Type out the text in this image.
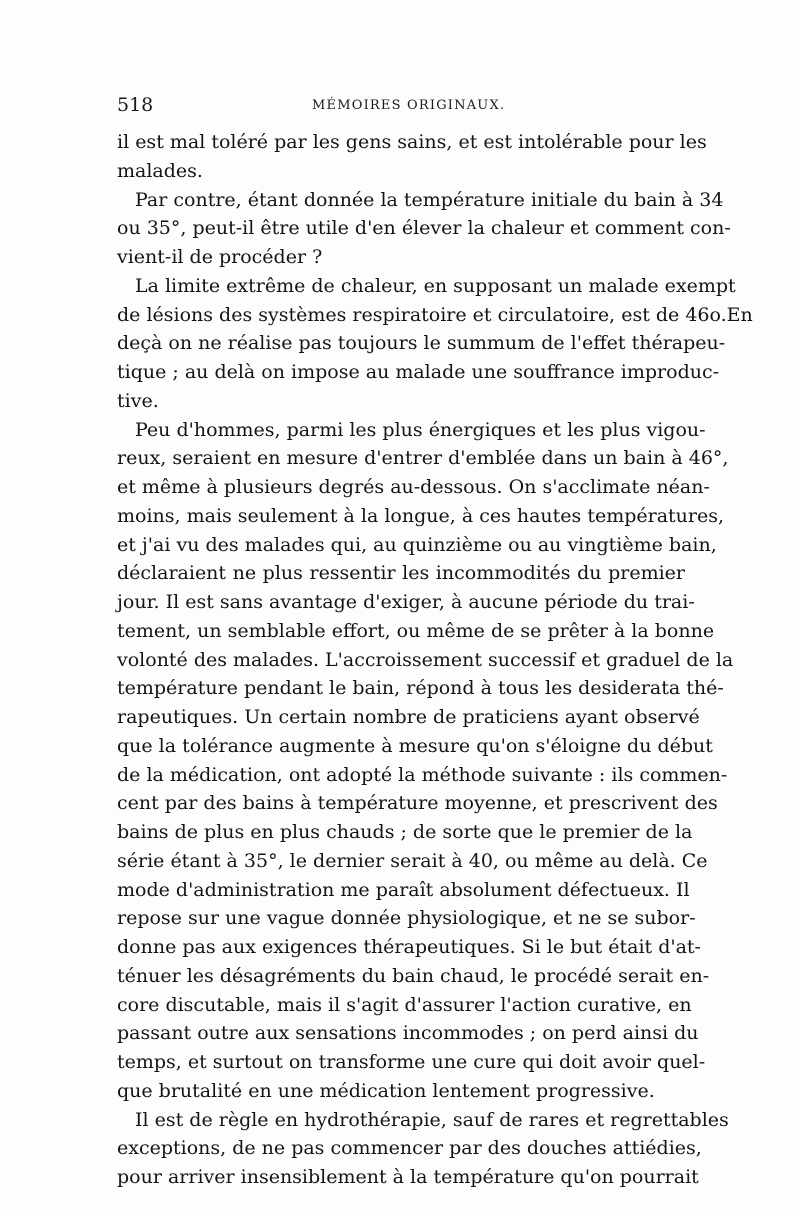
518	MÉMOIRES ORIGINAUX.
il est mal toléré par les gens sains, et est intolérable pour les
malades.
Par contre, étant donnée la température initiale du bain à 34
ou 35°, peut-il être utile d'en élever la chaleur et comment con-
vient-il de procéder ?
La limite extrême de chaleur, en supposant un malade exempt
de lésions des systèmes respiratoire et circulatoire, est de 46o.En
deçà on ne réalise pas toujours le summum de l'effet thérapeu-
tique ; au delà on impose au malade une souffrance improduc-
tive.
Peu d'hommes, parmi les plus énergiques et les plus vigou-
reux, seraient en mesure d'entrer d'emblée dans un bain à 46°,
et même à plusieurs degrés au-dessous. On s'acclimate néan-
moins, mais seulement à la longue, à ces hautes températures,
et j'ai vu des malades qui, au quinzième ou au vingtième bain,
déclaraient ne plus ressentir les incommodités du premier
jour. Il est sans avantage d'exiger, à aucune période du trai-
tement, un semblable effort, ou même de se prêter à la bonne
volonté des malades. L'accroissement successif et graduel de la
température pendant le bain, répond à tous les desiderata thé-
rapeutiques. Un certain nombre de praticiens ayant observé
que la tolérance augmente à mesure qu'on s'éloigne du début
de la médication, ont adopté la méthode suivante : ils commen-
cent par des bains à température moyenne, et prescrivent des
bains de plus en plus chauds ; de sorte que le premier de la
série étant à 35°, le dernier serait à 40, ou même au delà. Ce
mode d'administration me paraît absolument défectueux. Il
repose sur une vague donnée physiologique, et ne se subor-
donne pas aux exigences thérapeutiques. Si le but était d'at-
ténuer les désagréments du bain chaud, le procédé serait en-
core discutable, mais il s'agit d'assurer l'action curative, en
passant outre aux sensations incommodes ; on perd ainsi du
temps, et surtout on transforme une cure qui doit avoir quel-
que brutalité en une médication lentement progressive.
Il est de règle en hydrothérapie, sauf de rares et regrettables
exceptions, de ne pas commencer par des douches attiédies,
pour arriver insensiblement à la température qu'on pourrait
